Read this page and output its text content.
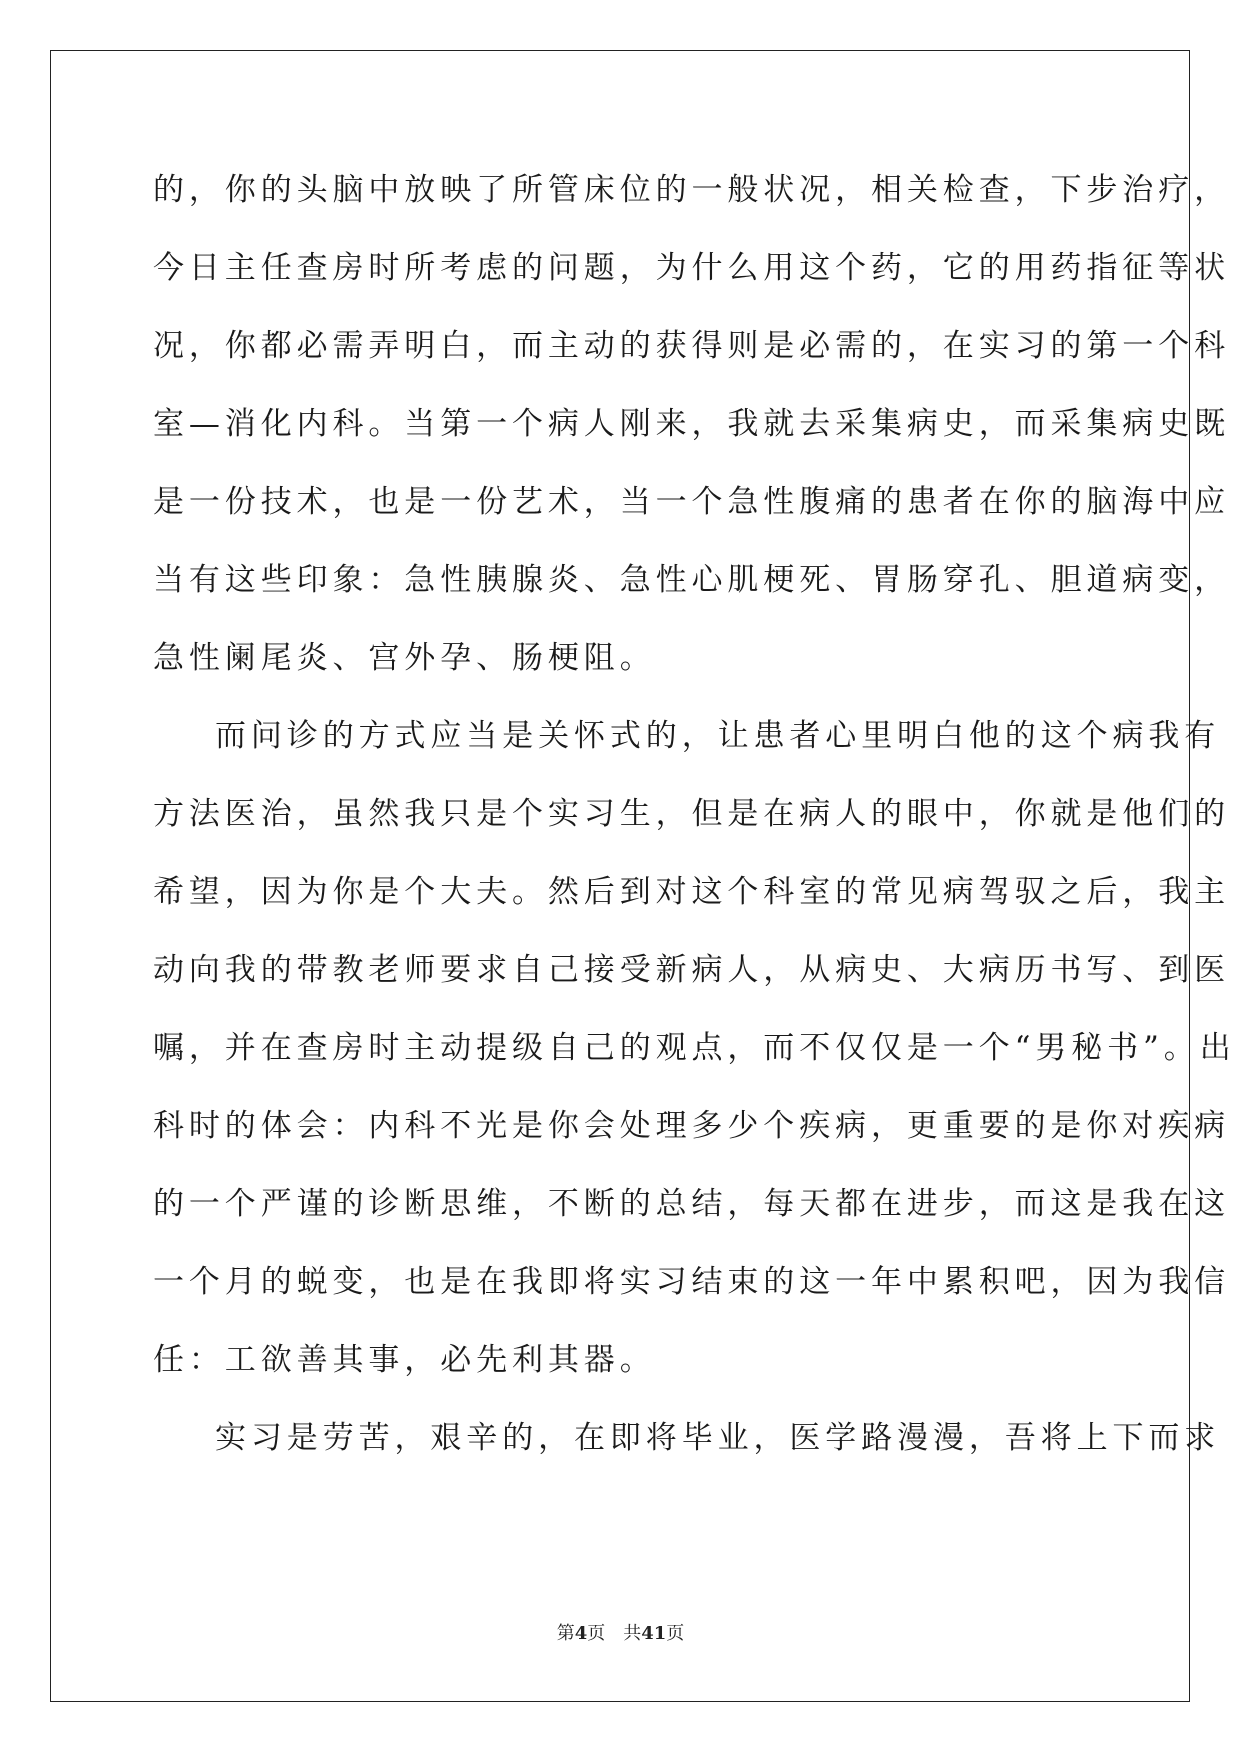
的，你的头脑中放映了所管床位的一般状况，相关检查，下步治疗，
今日主任查房时所考虑的问题，为什么用这个药，它的用药指征等状
况，你都必需弄明白，而主动的获得则是必需的，在实习的第一个科
室—消化内科。当第一个病人刚来，我就去采集病史，而采集病史既
是一份技术，也是一份艺术，当一个急性腹痛的患者在你的脑海中应
当有这些印象：急性胰腺炎、急性心肌梗死、胃肠穿孔、胆道病变，
急性阑尾炎、宫外孕、肠梗阻。
而问诊的方式应当是关怀式的，让患者心里明白他的这个病我有
方法医治，虽然我只是个实习生，但是在病人的眼中，你就是他们的
希望，因为你是个大夫。然后到对这个科室的常见病驾驭之后，我主
动向我的带教老师要求自己接受新病人，从病史、大病历书写、到医
嘱，并在查房时主动提级自己的观点，而不仅仅是一个“男秘书”。出
科时的体会：内科不光是你会处理多少个疾病，更重要的是你对疾病
的一个严谨的诊断思维，不断的总结，每天都在进步，而这是我在这
一个月的蜕变，也是在我即将实习结束的这一年中累积吧，因为我信
任：工欲善其事，必先利其器。
实习是劳苦，艰辛的，在即将毕业，医学路漫漫，吾将上下而求
第4页 共41页
